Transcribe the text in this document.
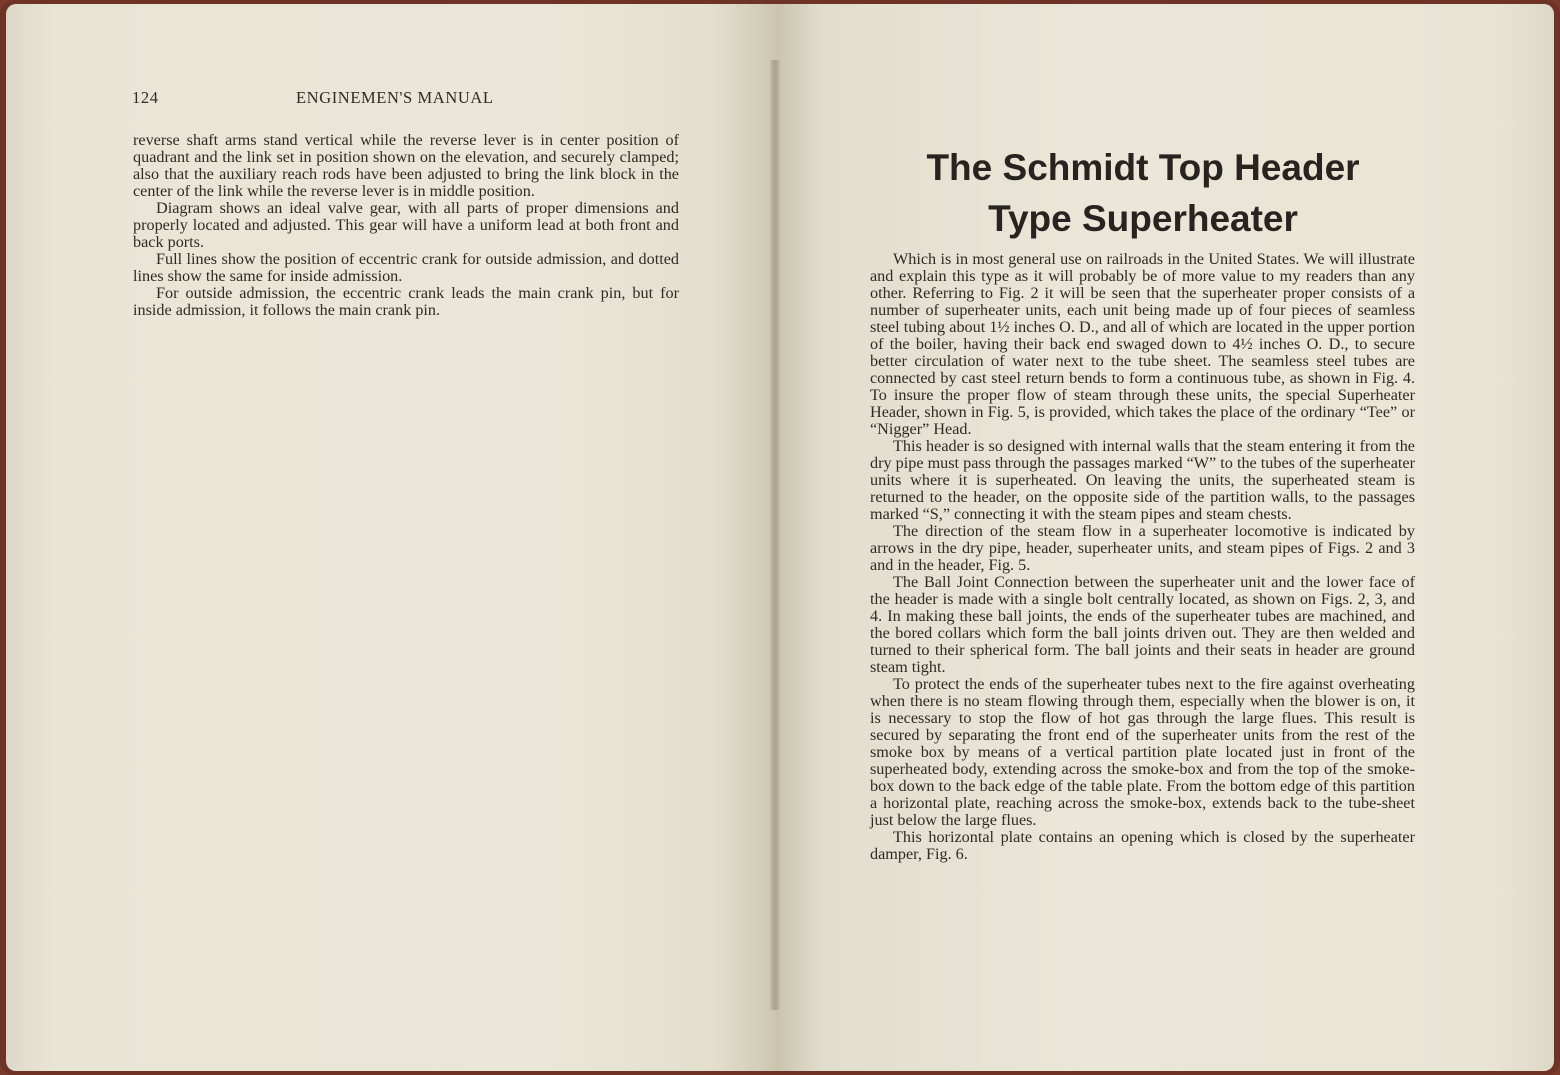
124	ENGINEMEN'S MANUAL

reverse shaft arms stand vertical while the reverse lever is in center position of quadrant and the link set in position shown on the elevation, and securely clamped; also that the auxiliary reach rods have been adjusted to bring the link block in the center of the link while the reverse lever is in middle position.

Diagram shows an ideal valve gear, with all parts of proper dimensions and properly located and adjusted. This gear will have a uniform lead at both front and back ports.

Full lines show the position of eccentric crank for outside admission, and dotted lines show the same for inside admission.

For outside admission, the eccentric crank leads the main crank pin, but for inside admission, it follows the main crank pin.

The Schmidt Top Header
Type Superheater

Which is in most general use on railroads in the United States. We will illustrate and explain this type as it will probably be of more value to my readers than any other. Referring to Fig. 2 it will be seen that the superheater proper consists of a number of superheater units, each unit being made up of four pieces of seamless steel tubing about 1½ inches O. D., and all of which are located in the upper portion of the boiler, having their back end swaged down to 4½ inches O. D., to secure better circulation of water next to the tube sheet. The seamless steel tubes are connected by cast steel return bends to form a continuous tube, as shown in Fig. 4. To insure the proper flow of steam through these units, the special Superheater Header, shown in Fig. 5, is provided, which takes the place of the ordinary “Tee” or “Nigger” Head.

This header is so designed with internal walls that the steam entering it from the dry pipe must pass through the passages marked “W” to the tubes of the superheater units where it is superheated. On leaving the units, the superheated steam is returned to the header, on the opposite side of the partition walls, to the passages marked “S,” connecting it with the steam pipes and steam chests.

The direction of the steam flow in a superheater locomotive is indicated by arrows in the dry pipe, header, superheater units, and steam pipes of Figs. 2 and 3 and in the header, Fig. 5.

The Ball Joint Connection between the superheater unit and the lower face of the header is made with a single bolt centrally located, as shown on Figs. 2, 3, and 4. In making these ball joints, the ends of the superheater tubes are machined, and the bored collars which form the ball joints driven out. They are then welded and turned to their spherical form. The ball joints and their seats in header are ground steam tight.

To protect the ends of the superheater tubes next to the fire against overheating when there is no steam flowing through them, especially when the blower is on, it is necessary to stop the flow of hot gas through the large flues. This result is secured by separating the front end of the superheater units from the rest of the smoke box by means of a vertical partition plate located just in front of the superheated body, extending across the smoke-box and from the top of the smoke-box down to the back edge of the table plate. From the bottom edge of this partition a horizontal plate, reaching across the smoke-box, extends back to the tube-sheet just below the large flues.

This horizontal plate contains an opening which is closed by the superheater damper, Fig. 6.
